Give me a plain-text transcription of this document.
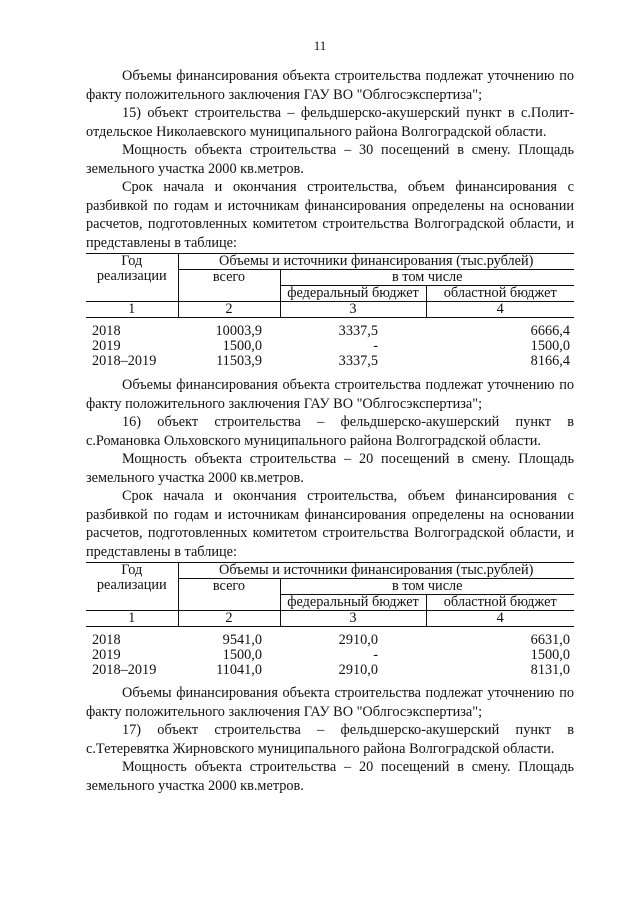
11

Объемы финансирования объекта строительства подлежат уточнению по факту положительного заключения ГАУ ВО "Облгосэкспертиза";

15) объект строительства – фельдшерско-акушерский пункт в с.Полит-отдельское Николаевского муниципального района Волгоградской области.

Мощность объекта строительства – 30 посещений в смену. Площадь земельного участка 2000 кв.метров.

Срок начала и окончания строительства, объем финансирования с разбивкой по годам и источникам финансирования определены на основании расчетов, подготовленных комитетом строительства Волгоградской области, и представлены в таблице:

Год реализации	Объемы и источники финансирования (тыс.рублей)		
	всего	в том числе	
		федеральный бюджет	областной бюджет
1	2	3	4

2018	10003,9	3337,5	6666,4
2019	1500,0	-	1500,0
2018–2019	11503,9	3337,5	8166,4

Объемы финансирования объекта строительства подлежат уточнению по факту положительного заключения ГАУ ВО "Облгосэкспертиза";

16) объект строительства – фельдшерско-акушерский пункт в с.Романовка Ольховского муниципального района Волгоградской области.

Мощность объекта строительства – 20 посещений в смену. Площадь земельного участка 2000 кв.метров.

Срок начала и окончания строительства, объем финансирования с разбивкой по годам и источникам финансирования определены на основании расчетов, подготовленных комитетом строительства Волгоградской области, и представлены в таблице:

Год реализации	Объемы и источники финансирования (тыс.рублей)		
	всего	в том числе	
		федеральный бюджет	областной бюджет
1	2	3	4

2018	9541,0	2910,0	6631,0
2019	1500,0	-	1500,0
2018–2019	11041,0	2910,0	8131,0

Объемы финансирования объекта строительства подлежат уточнению по факту положительного заключения ГАУ ВО "Облгосэкспертиза";

17) объект строительства – фельдшерско-акушерский пункт в с.Тетеревятка Жирновского муниципального района Волгоградской области.

Мощность объекта строительства – 20 посещений в смену. Площадь земельного участка 2000 кв.метров.
